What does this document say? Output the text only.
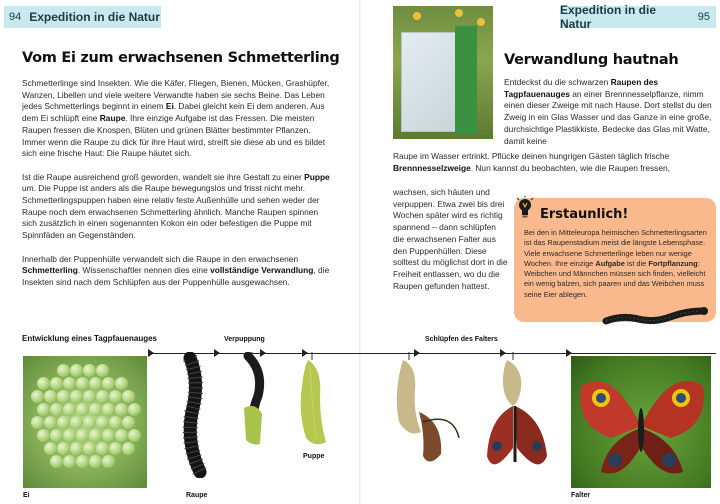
94 Expedition in die Natur	Expedition in die Natur	95
Vom Ei zum erwachsenen Schmetterling

Schmetterlinge sind Insekten. Wie die Käfer, Fliegen, Bienen, Mücken, Grashüpfer, Wanzen, Libellen und viele weitere Verwandte haben sie sechs Beine. Das Leben jedes Schmetterlings beginnt in einem Ei. Dabei gleicht kein Ei dem anderen. Aus dem Ei schlüpft eine Raupe. Ihre einzige Aufgabe ist das Fressen. Die meisten Raupen fressen die Knospen, Blüten und grünen Blätter bestimmter Pflanzen. Immer wenn die Raupe zu dick für ihre Haut wird, streift sie diese ab und es bildet sich eine frische Haut: Die Raupe häutet sich.

Ist die Raupe ausreichend groß geworden, wandelt sie ihre Gestalt zu einer Puppe um. Die Puppe ist anders als die Raupe bewegungslos und frisst nicht mehr. Schmetterlingspuppen haben eine relativ feste Außenhülle und sehen weder der Raupe noch dem erwachsenen Schmetterling ähnlich. Manche Raupen spinnen sich zusätzlich in einen sogenannten Kokon ein oder befestigen die Puppe mit Spinnfäden an Gegenständen.

Innerhalb der Puppenhülle verwandelt sich die Raupe in den erwachsenen Schmetterling. Wissenschaftler nennen dies eine vollständige Verwandlung, die Insekten sind nach dem Schlüpfen aus der Puppenhülle ausgewachsen.

Verwandlung hautnah
Entdeckst du die schwarzen Raupen des Tagpfauenauges an einer Brennnesselpflanze, nimm einen dieser Zweige mit nach Hause. Dort stellst du den Zweig in ein Glas Wasser und das Ganze in eine große, durchsichtige Plastikkiste. Bedecke das Glas mit Watte, damit keine
Raupe im Wasser ertrinkt. Pflücke deinen hungrigen Gästen täglich frische Brennnesselzweige. Nun kannst du beobachten, wie die Raupen fressen,
wachsen, sich häuten und verpuppen. Etwa zwei bis drei Wochen später wird es richtig spannend – dann schlüpfen die erwachsenen Falter aus den Puppenhüllen. Diese solltest du möglichst dort in die Freiheit entlassen, wo du die Raupen gefunden hattest.
Erstaunlich!
Bei den in Mitteleuropa heimischen Schmetterlingsarten ist das Raupenstadium meist die längste Lebensphase. Viele erwachsene Schmetterlinge leben nur wenige Wochen. Ihre einzige Aufgabe ist die Fortpflanzung: Weibchen und Männchen müssen sich finden, vielleicht ein wenig balzen, sich paaren und das Weibchen muss seine Eier ablegen.
Entwicklung eines Tagpfauenauges	Verpuppung	Schlüpfen des Falters
Puppe
Ei	Raupe	Falter
